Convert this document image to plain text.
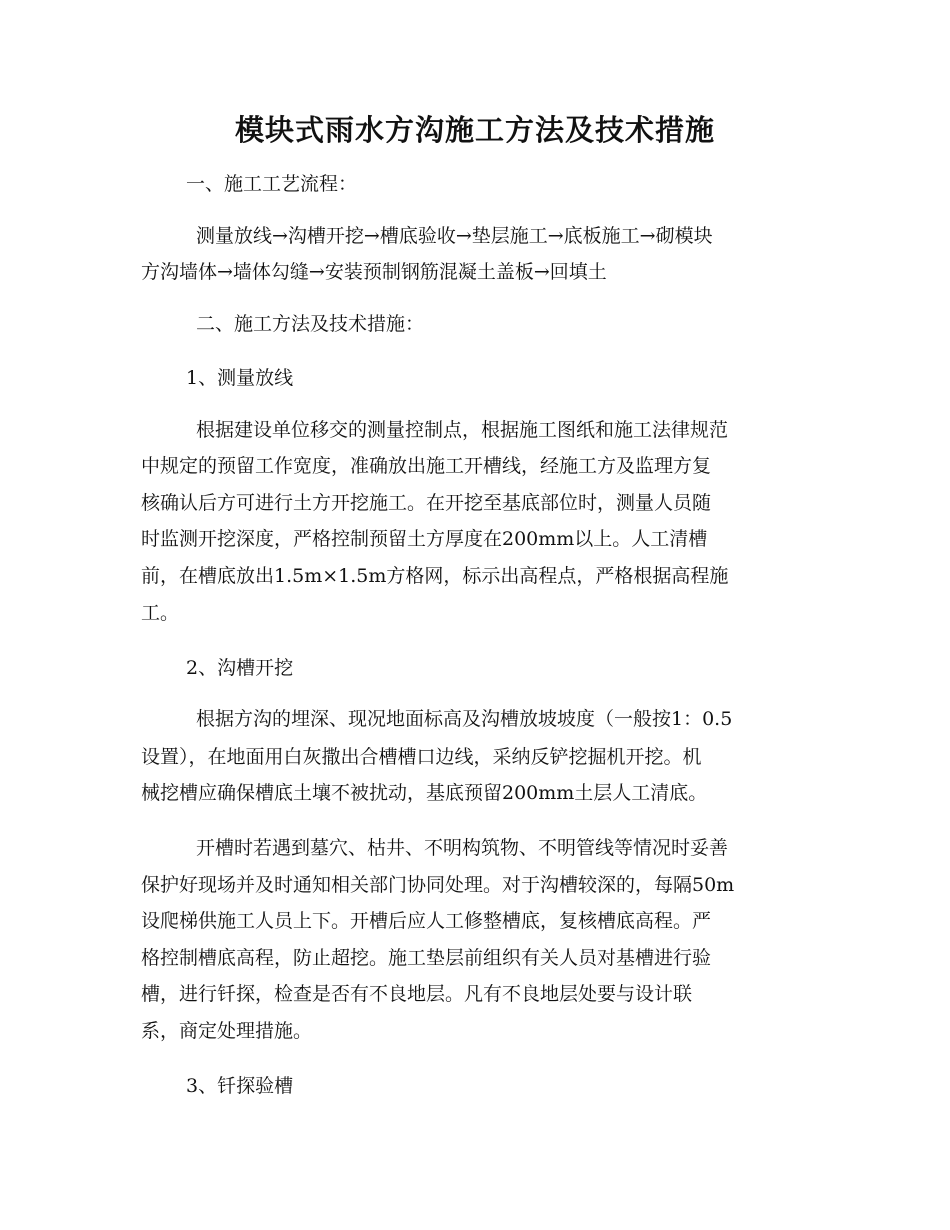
模块式雨水方沟施工方法及技术措施

一、施工工艺流程：

测量放线→沟槽开挖→槽底验收→垫层施工→底板施工→砌模块

方沟墙体→墙体勾缝→安装预制钢筋混凝土盖板→回填土

二、施工方法及技术措施：

1、测量放线

根据建设单位移交的测量控制点，根据施工图纸和施工法律规范

中规定的预留工作宽度，准确放出施工开槽线，经施工方及监理方复

核确认后方可进行土方开挖施工。在开挖至基底部位时，测量人员随

时监测开挖深度，严格控制预留土方厚度在200mm以上。人工清槽

前，在槽底放出1.5m×1.5m方格网，标示出高程点，严格根据高程施

工。

2、沟槽开挖

根据方沟的埋深、现况地面标高及沟槽放坡坡度（一般按1：0.5

设置），在地面用白灰撒出合槽槽口边线，采纳反铲挖掘机开挖。机

械挖槽应确保槽底土壤不被扰动，基底预留200mm土层人工清底。

开槽时若遇到墓穴、枯井、不明构筑物、不明管线等情况时妥善

保护好现场并及时通知相关部门协同处理。对于沟槽较深的，每隔50m

设爬梯供施工人员上下。开槽后应人工修整槽底，复核槽底高程。严

格控制槽底高程，防止超挖。施工垫层前组织有关人员对基槽进行验

槽，进行钎探，检查是否有不良地层。凡有不良地层处要与设计联

系，商定处理措施。

3、钎探验槽
